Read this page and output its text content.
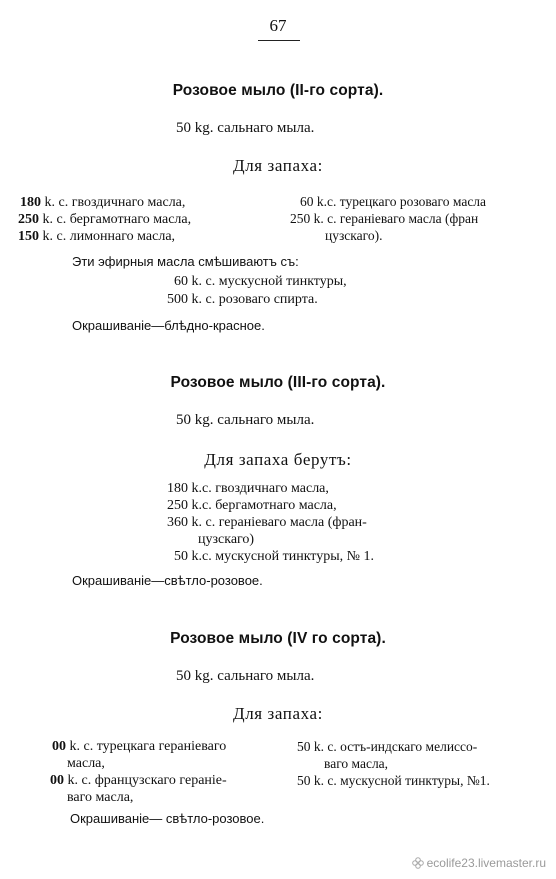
67
Розовое мыло (II-го сорта).
50 kg. сальнаго мыла.
Для запаха:
180 k. с. гвоздичнаго масла,
250 k. с. бергамотнаго масла,
150 k. с. лимоннаго масла,
60 k.с. турецкаго розоваго масла
250 k. с. гераніеваго масла (фран
цузскаго).
Эти эфирныя масла смѣшиваютъ съ:
60 k. с. мускусной тинктуры,
500 k. с. розоваго спирта.
Окрашиваніе—блѣдно-красное.
Розовое мыло (III-го сорта).
50 kg. сальнаго мыла.
Для запаха берутъ:
180 k.с. гвоздичнаго масла,
250 k.с. бергамотнаго масла,
360 k. с. гераніеваго масла (фран-
цузскаго)
50 k.с. мускусной тинктуры, № 1.
Окрашиваніе—свѣтло-розовое.
Розовое мыло (IV го сорта).
50 kg. сальнаго мыла.
Для запаха:
00 k. с. турецкага гераніеваго
масла,
00 k. с. французскаго гераніе-
ваго масла,
50 k. с. остъ-индскаго мелиссо-
ваго масла,
50 k. с. мускусной тинктуры, №1.
Окрашиваніе— свѣтло-розовое.
ecolife23.livemaster.ru
